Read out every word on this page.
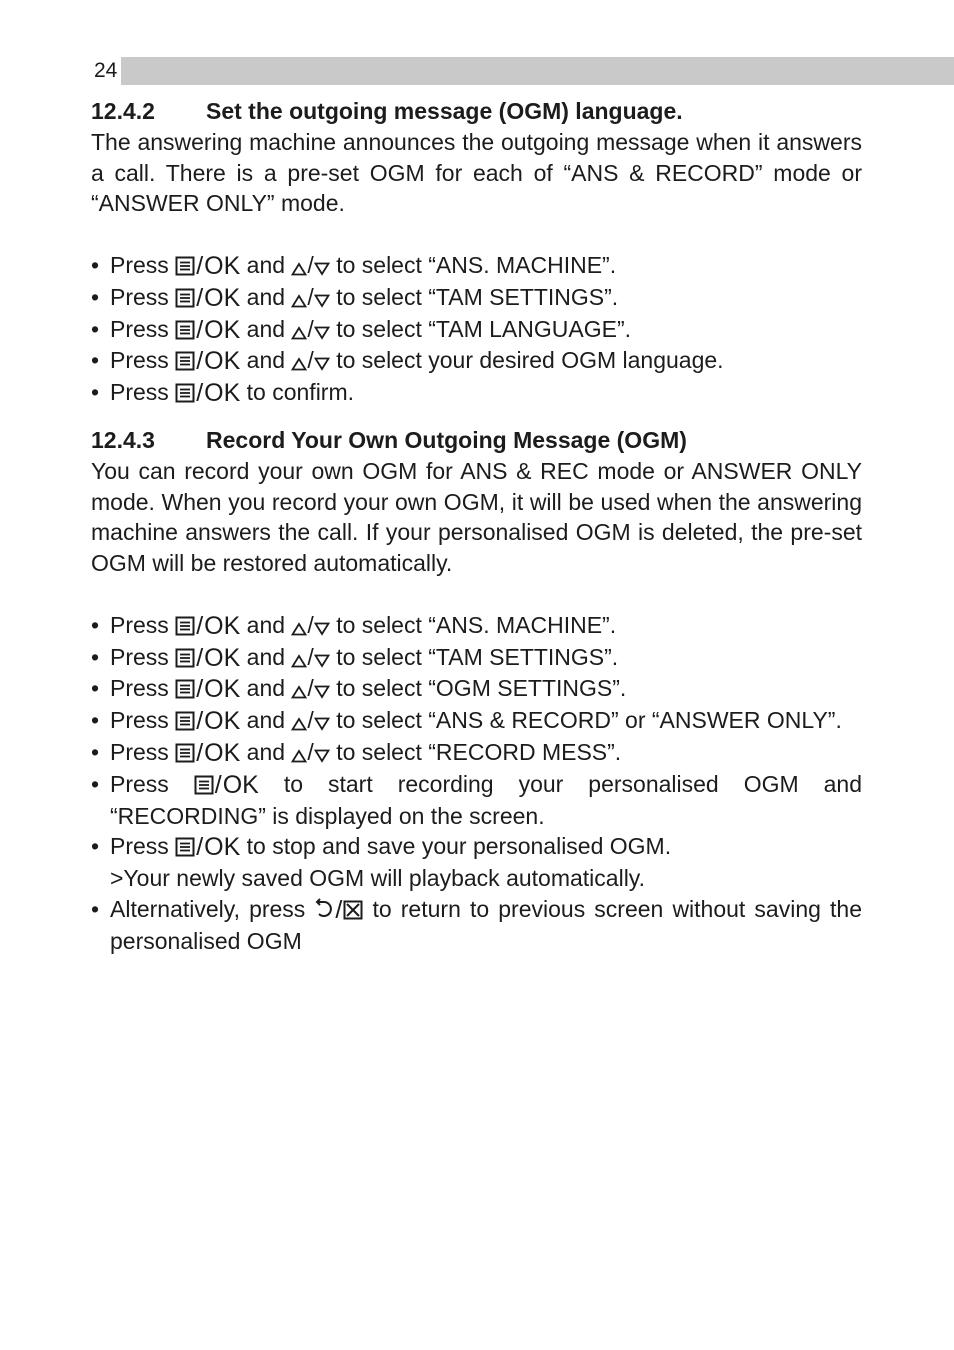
24

12.4.2 Set the outgoing message (OGM) language.

The answering machine announces the outgoing message when it answers a call. There is a pre-set OGM for each of “ANS & RECORD” mode or “ANSWER ONLY” mode.

• Press /OK and / to select “ANS. MACHINE”.
• Press /OK and / to select “TAM SETTINGS”.
• Press /OK and / to select “TAM LANGUAGE”.
• Press /OK and / to select your desired OGM language.
• Press /OK to confirm.

12.4.3 Record Your Own Outgoing Message (OGM)

You can record your own OGM for ANS & REC mode or ANSWER ONLY mode. When you record your own OGM, it will be used when the answering machine answers the call. If your personalised OGM is deleted, the pre-set OGM will be restored automatically.

• Press /OK and / to select “ANS. MACHINE”.
• Press /OK and / to select “TAM SETTINGS”.
• Press /OK and / to select “OGM SETTINGS”.
• Press /OK and / to select “ANS & RECORD” or “ANSWER ONLY”.
• Press /OK and / to select “RECORD MESS”.
• Press /OK to start recording your personalised OGM and “RECORDING” is displayed on the screen.
• Press /OK to stop and save your personalised OGM.
>Your newly saved OGM will playback automatically.
• Alternatively, press / to return to previous screen without saving the personalised OGM
